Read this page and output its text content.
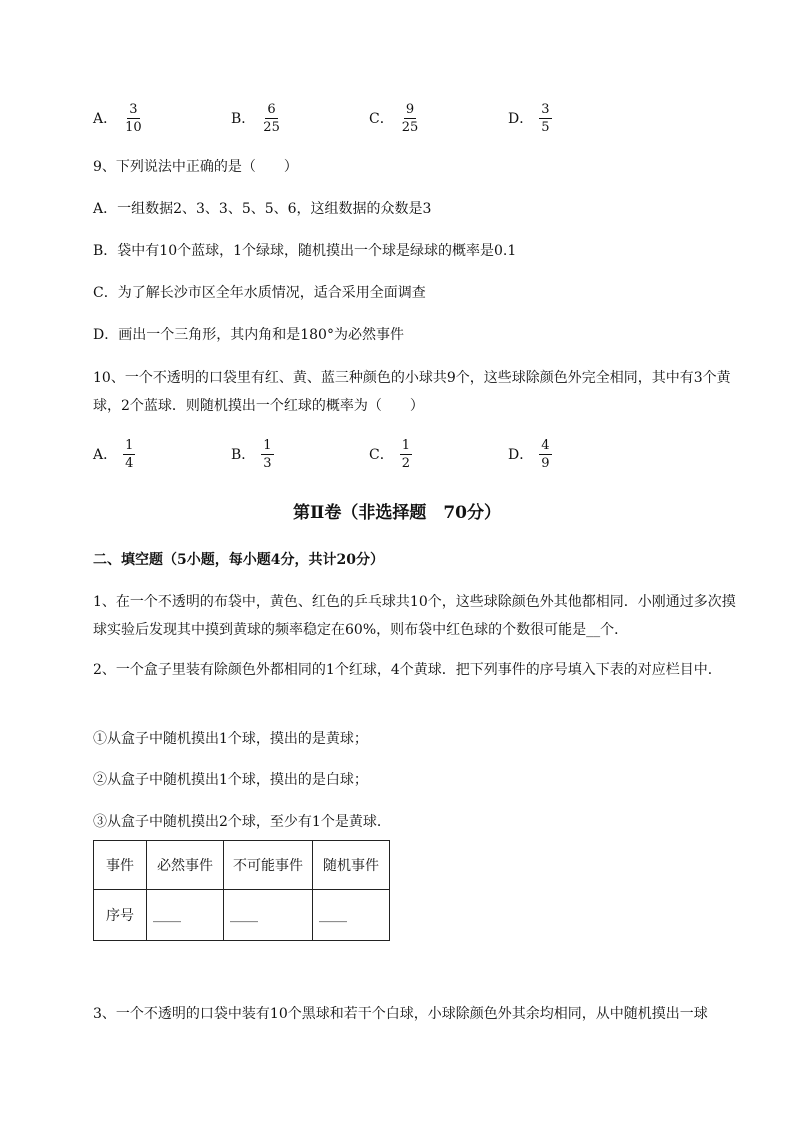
A． $\frac{3}{10}$	B． $\frac{6}{25}$	C． $\frac{9}{25}$	D． $\frac{3}{5}$
9、下列说法中正确的是（　　）
A．一组数据2、3、3、5、5、6，这组数据的众数是3
B．袋中有10个蓝球，1个绿球，随机摸出一个球是绿球的概率是0.1
C．为了解长沙市区全年水质情况，适合采用全面调查
D．画出一个三角形，其内角和是180°为必然事件
10、一个不透明的口袋里有红、黄、蓝三种颜色的小球共9个，这些球除颜色外完全相同，其中有3个黄球，2个蓝球．则随机摸出一个红球的概率为（　　）
A． $\frac{1}{4}$	B． $\frac{1}{3}$	C． $\frac{1}{2}$	D． $\frac{4}{9}$
第Ⅱ卷（非选择题　70分）
二、填空题（5小题，每小题4分，共计20分）
1、在一个不透明的布袋中，黄色、红色的乒乓球共10个，这些球除颜色外其他都相同．小刚通过多次摸球实验后发现其中摸到黄球的频率稳定在60%，则布袋中红色球的个数很可能是__个．
2、一个盒子里装有除颜色外都相同的1个红球，4个黄球．把下列事件的序号填入下表的对应栏目中．
①从盒子中随机摸出1个球，摸出的是黄球；
②从盒子中随机摸出1个球，摸出的是白球；
③从盒子中随机摸出2个球，至少有1个是黄球．
事件	必然事件	不可能事件	随机事件
序号	____	____	____
3、一个不透明的口袋中装有10个黑球和若干个白球，小球除颜色外其余均相同，从中随机摸出一球
